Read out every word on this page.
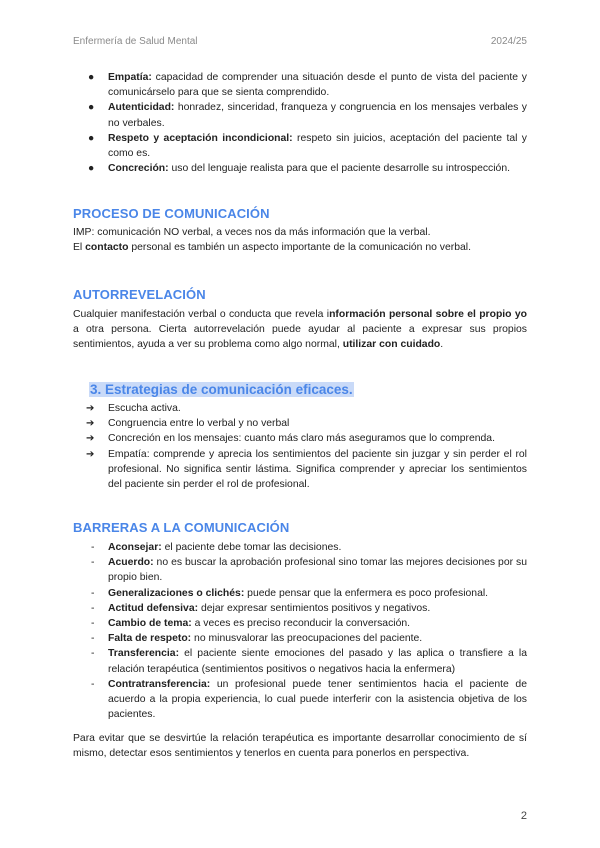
Enfermería de Salud Mental	2024/25
● Empatía: capacidad de comprender una situación desde el punto de vista del paciente y comunicárselo para que se sienta comprendido.
● Autenticidad: honradez, sinceridad, franqueza y congruencia en los mensajes verbales y no verbales.
● Respeto y aceptación incondicional: respeto sin juicios, aceptación del paciente tal y como es.
● Concreción: uso del lenguaje realista para que el paciente desarrolle su introspección.
PROCESO DE COMUNICACIÓN
IMP: comunicación NO verbal, a veces nos da más información que la verbal.
El contacto personal es también un aspecto importante de la comunicación no verbal.
AUTORREVELACIÓN
Cualquier manifestación verbal o conducta que revela información personal sobre el propio yo a otra persona. Cierta autorrevelación puede ayudar al paciente a expresar sus propios sentimientos, ayuda a ver su problema como algo normal, utilizar con cuidado.
3. Estrategias de comunicación eficaces.
➔ Escucha activa.
➔ Congruencia entre lo verbal y no verbal
➔ Concreción en los mensajes: cuanto más claro más aseguramos que lo comprenda.
➔ Empatía: comprende y aprecia los sentimientos del paciente sin juzgar y sin perder el rol profesional. No significa sentir lástima. Significa comprender y apreciar los sentimientos del paciente sin perder el rol de profesional.
BARRERAS A LA COMUNICACIÓN
- Aconsejar: el paciente debe tomar las decisiones.
- Acuerdo: no es buscar la aprobación profesional sino tomar las mejores decisiones por su propio bien.
- Generalizaciones o clichés: puede pensar que la enfermera es poco profesional.
- Actitud defensiva: dejar expresar sentimientos positivos y negativos.
- Cambio de tema: a veces es preciso reconducir la conversación.
- Falta de respeto: no minusvalorar las preocupaciones del paciente.
- Transferencia: el paciente siente emociones del pasado y las aplica o transfiere a la relación terapéutica (sentimientos positivos o negativos hacia la enfermera)
- Contratransferencia: un profesional puede tener sentimientos hacia el paciente de acuerdo a la propia experiencia, lo cual puede interferir con la asistencia objetiva de los pacientes.
Para evitar que se desvirtúe la relación terapéutica es importante desarrollar conocimiento de sí mismo, detectar esos sentimientos y tenerlos en cuenta para ponerlos en perspectiva.
2
